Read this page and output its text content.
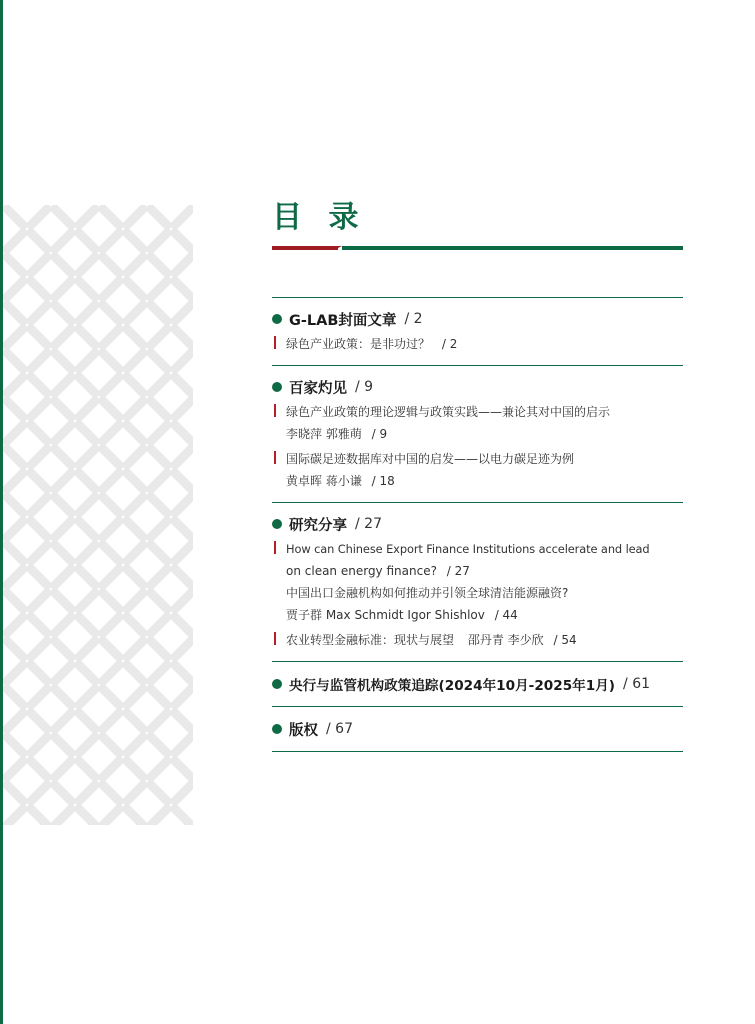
目 录
G-LAB封面文章 / 2
绿色产业政策：是非功过？ / 2
百家灼见 / 9
绿色产业政策的理论逻辑与政策实践——兼论其对中国的启示
李晓萍 郭雅萌 / 9
国际碳足迹数据库对中国的启发——以电力碳足迹为例
黄卓晖 蒋小谦 / 18
研究分享 / 27
How can Chinese Export Finance Institutions accelerate and lead
on clean energy finance? / 27
中国出口金融机构如何推动并引领全球清洁能源融资?
贾子群 Max Schmidt Igor Shishlov / 44
农业转型金融标准：现状与展望 邵丹青 李少欣 / 54
央行与监管机构政策追踪(2024年10月-2025年1月) / 61
版权 / 67
